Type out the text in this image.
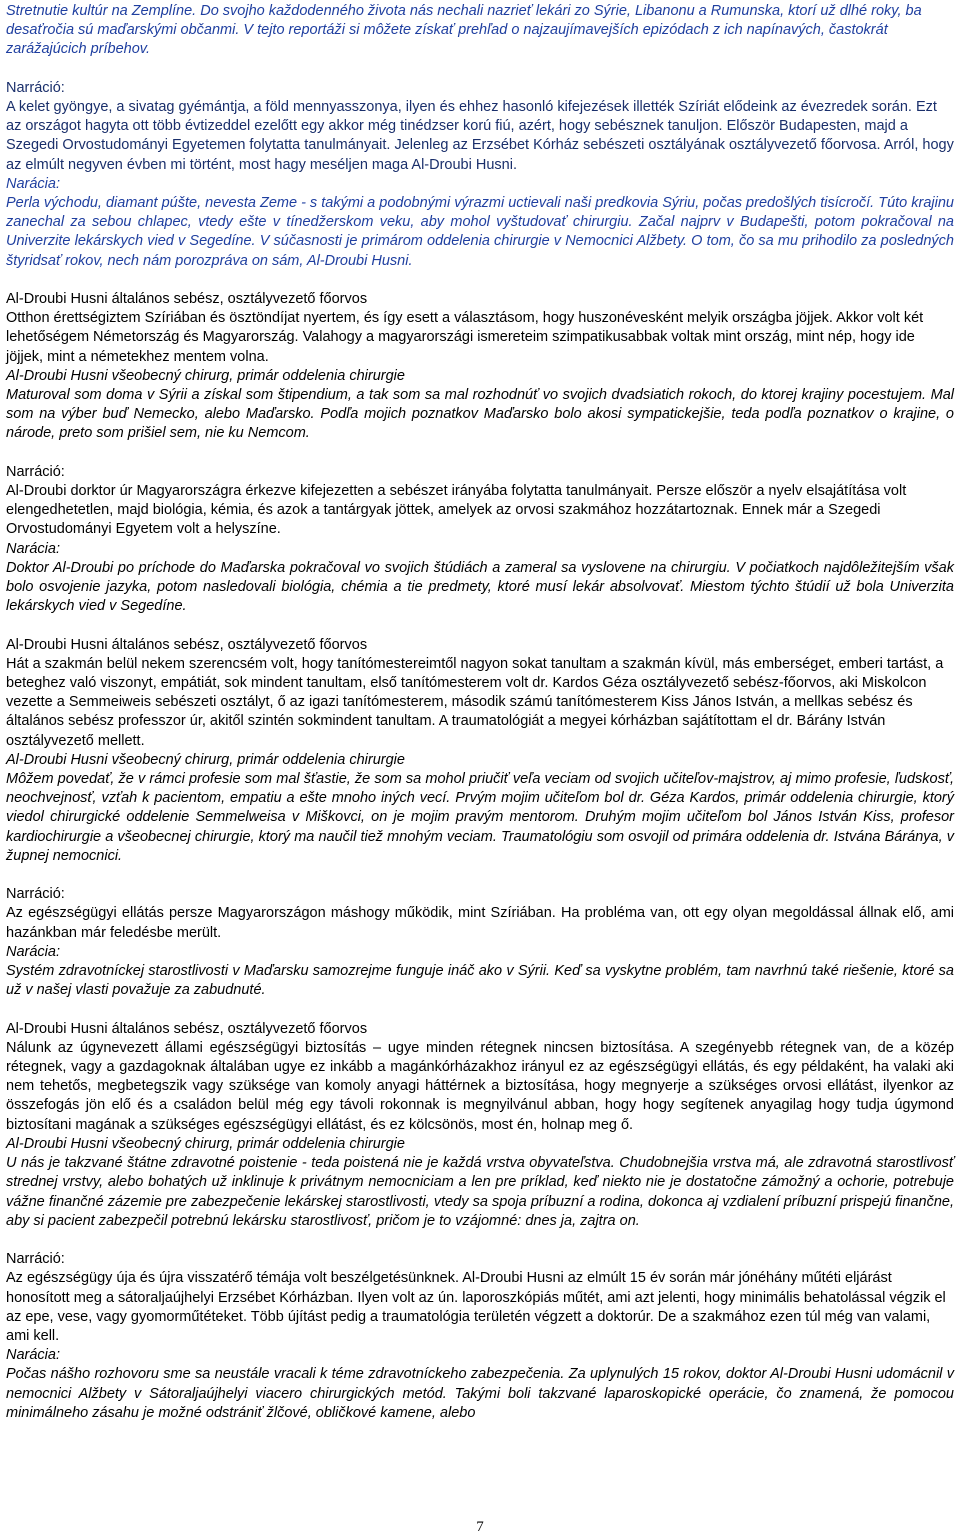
Stretnutie kultúr na Zemplíne. Do svojho každodenného života nás nechali nazrieť lekári zo Sýrie, Libanonu a Rumunska, ktorí už dlhé roky, ba desaťročia sú maďarskými občanmi. V tejto reportáži si môžete získať prehľad o najzaujímavejších epizódach z ich napínavých, častokrát zarážajúcich príbehov.
Narráció:
A kelet gyöngye, a sivatag gyémántja, a föld mennyasszonya, ilyen és ehhez hasonló kifejezések illették Szíriát elődeink az évezredek során. Ezt az országot hagyta ott több évtizeddel ezelőtt egy akkor még tinédzser korú fiú, azért, hogy sebésznek tanuljon. Először Budapesten, majd a Szegedi Orvostudományi Egyetemen folytatta tanulmányait. Jelenleg az Erzsébet Kórház sebészeti osztályának osztályvezető főorvosa. Arról, hogy az elmúlt negyven évben mi történt, most hagy meséljen maga Al-Droubi Husni.
Narácia:
Perla východu, diamant púšte, nevesta Zeme - s takými a podobnými výrazmi uctievali naši predkovia Sýriu, počas predošlých tisícročí. Túto krajinu zanechal za sebou chlapec, vtedy ešte v tínedžerskom veku, aby mohol vyštudovať chirurgiu. Začal najprv v Budapešti, potom pokračoval na Univerzite lekárskych vied v Segedíne. V súčasnosti je primárom oddelenia chirurgie v Nemocnici Alžbety. O tom, čo sa mu prihodilo za posledných štyridsať rokov, nech nám porozpráva on sám, Al-Droubi Husni.
Al-Droubi Husni általános sebész, osztályvezető főorvos
Otthon érettségiztem Szíriában és ösztöndíjat nyertem, és így esett a választásom, hogy huszonévesként melyik országba jöjjek. Akkor volt két lehetőségem Németország és Magyarország. Valahogy a magyarországi ismereteim szimpatikusabbak voltak mint ország, mint nép, hogy ide jöjjek, mint a németekhez mentem volna.
Al-Droubi Husni všeobecný chirurg, primár oddelenia chirurgie
Maturoval som doma v Sýrii a získal som štipendium, a tak som sa mal rozhodnúť vo svojich dvadsiatich rokoch, do ktorej krajiny pocestujem. Mal som na výber buď Nemecko, alebo Maďarsko. Podľa mojich poznatkov Maďarsko bolo akosi sympatickejšie, teda podľa poznatkov o krajine, o národe, preto som prišiel sem, nie ku Nemcom.
Narráció:
Al-Droubi dorktor úr Magyarországra érkezve kifejezetten a sebészet irányába folytatta tanulmányait. Persze először a nyelv elsajátítása volt elengedhetetlen, majd biológia, kémia, és azok a tantárgyak jöttek, amelyek az orvosi szakmához hozzátartoznak. Ennek már a Szegedi Orvostudományi Egyetem volt a helyszíne.
Narácia:
Doktor Al-Droubi po príchode do Maďarska pokračoval vo svojich štúdiách a zameral sa vyslovene na chirurgiu. V počiatkoch najdôležitejším však bolo osvojenie jazyka, potom nasledovali biológia, chémia a tie predmety, ktoré musí lekár absolvovať. Miestom týchto štúdií už bola Univerzita lekárskych vied v Segedíne.
Al-Droubi Husni általános sebész, osztályvezető főorvos
Hát a szakmán belül nekem szerencsém volt, hogy tanítómestereimtől nagyon sokat tanultam a szakmán kívül, más emberséget, emberi tartást, a beteghez való viszonyt, empátiát, sok mindent tanultam, első tanítómesterem volt dr. Kardos Géza osztályvezető sebész-főorvos, aki Miskolcon vezette a Semmeiweis sebészeti osztályt, ő az igazi tanítómesterem, második számú tanítómesterem Kiss János István, a mellkas sebész és általános sebész professzor úr, akitől szintén sokmindent tanultam. A traumatológiát a megyei kórházban sajátítottam el dr. Bárány István osztályvezető mellett.
Al-Droubi Husni všeobecný chirurg, primár oddelenia chirurgie
Môžem povedať, že v rámci profesie som mal šťastie, že som sa mohol priučiť veľa veciam od svojich učiteľov-majstrov, aj mimo profesie, ľudskosť, neochvejnosť, vzťah k pacientom, empatiu a ešte mnoho iných vecí. Prvým mojim učiteľom bol dr. Géza Kardos, primár oddelenia chirurgie, ktorý viedol chirurgické oddelenie Semmelweisa v Miškovci, on je mojim pravým mentorom. Druhým mojim učiteľom bol János István Kiss, profesor kardiochirurgie a všeobecnej chirurgie, ktorý ma naučil tiež mnohým veciam. Traumatológiu som osvojil od primára oddelenia dr. Istvána Báránya, v župnej nemocnici.
Narráció:
Az egészségügyi ellátás persze Magyarországon máshogy működik, mint Szíriában. Ha probléma van, ott egy olyan megoldással állnak elő, ami hazánkban már feledésbe merült.
Narácia:
Systém zdravotníckej starostlivosti v Maďarsku samozrejme funguje ináč ako v Sýrii. Keď sa vyskytne problém, tam navrhnú také riešenie, ktoré sa už v našej vlasti považuje za zabudnuté.
Al-Droubi Husni általános sebész, osztályvezető főorvos
Nálunk az úgynevezett állami egészségügyi biztosítás – ugye minden rétegnek nincsen biztosítása. A szegényebb rétegnek van, de a közép rétegnek, vagy a gazdagoknak általában ugye ez inkább a magánkórházakhoz irányul ez az egészségügyi ellátás, és egy példaként, ha valaki aki nem tehetős, megbetegszik vagy szüksége van komoly anyagi háttérnek a biztosítása, hogy megnyerje a szükséges orvosi ellátást, ilyenkor az összefogás jön elő és a családon belül még egy távoli rokonnak is megnyilvánul abban, hogy hogy segítenek anyagilag hogy tudja úgymond biztosítani magának a szükséges egészségügyi ellátást, és ez kölcsönös, most én, holnap meg ő.
Al-Droubi Husni všeobecný chirurg, primár oddelenia chirurgie
U nás je takzvané štátne zdravotné poistenie - teda poistená nie je každá vrstva obyvateľstva. Chudobnejšia vrstva má, ale zdravotná starostlivosť strednej vrstvy, alebo bohatých už inklinuje k privátnym nemocniciam a len pre príklad, keď niekto nie je dostatočne zámožný a ochorie, potrebuje vážne finančné zázemie pre zabezpečenie lekárskej starostlivosti, vtedy sa spoja príbuzní a rodina, dokonca aj vzdialení príbuzní prispejú finančne, aby si pacient zabezpečil potrebnú lekársku starostlivosť, pričom je to vzájomné: dnes ja, zajtra on.
Narráció:
Az egészségügy úja és újra visszatérő témája volt beszélgetésünknek. Al-Droubi Husni az elmúlt 15 év során már jónéhány műtéti eljárást honosított meg a sátoraljaújhelyi Erzsébet Kórházban. Ilyen volt az ún. laporoszkópiás műtét, ami azt jelenti, hogy minimális behatolással végzik el az epe, vese, vagy gyomorműtéteket. Több újítást pedig a traumatológia területén végzett a doktorúr. De a szakmához ezen túl még van valami, ami kell.
Narácia:
Počas nášho rozhovoru sme sa neustále vracali k téme zdravotníckeho zabezpečenia. Za uplynulých 15 rokov, doktor Al-Droubi Husni udomácnil v nemocnici Alžbety v Sátoraljaújhelyi viacero chirurgických metód. Takými boli takzvané laparoskopické operácie, čo znamená, že pomocou minimálneho zásahu je možné odstrániť žlčové, obličkové kamene, alebo
7
